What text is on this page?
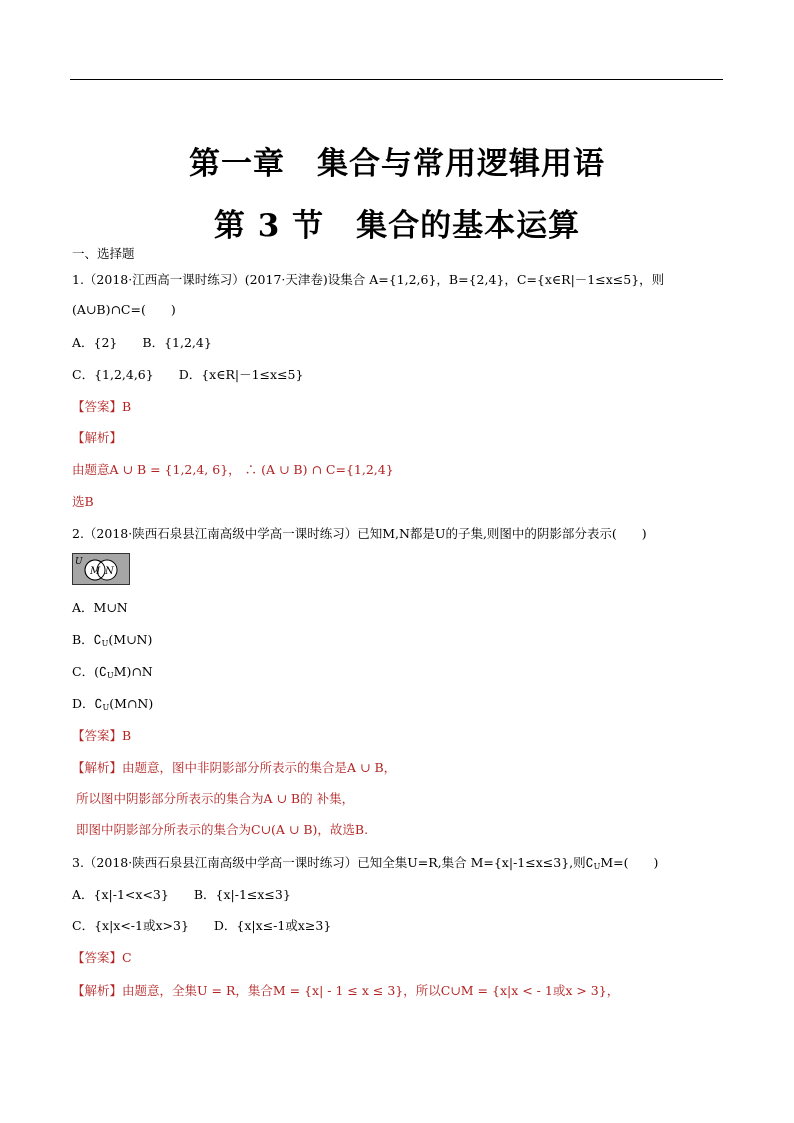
第一章　集合与常用逻辑用语
第 3 节　集合的基本运算
一、选择题
1.（2018·江西高一课时练习）(2017·天津卷)设集合 A={1,2,6}，B={2,4}，C={x∈R|－1≤x≤5}，则
(A∪B)∩C=(　　)
A．{2}　　B．{1,2,4}
C．{1,2,4,6}　　D．{x∈R|－1≤x≤5}
【答案】B
【解析】
由题意A ∪ B = {1,2,4, 6}， ∴ (A ∪ B) ∩ C={1,2,4}
选B
2.（2018·陕西石泉县江南高级中学高一课时练习）已知M,N都是U的子集,则图中的阴影部分表示(　　)
U
M N
A．M∪N
B．$∁_U(M\cup N)$
C．$(∁_UM)\cap N$
D．$∁_U(M\cap N)$
【答案】B
【解析】由题意，图中非阴影部分所表示的集合是A ∪ B，
所以图中阴影部分所表示的集合为A ∪ B的 补集，
即图中阴影部分所表示的集合为C∪(A ∪ B)，故选B.
3.（2018·陕西石泉县江南高级中学高一课时练习）已知全集U=R,集合 M={x|-1≤x≤3},则$∁_UM=$(　　)
A．{x|-1<x<3}　　B．{x|-1≤x≤3}
C．{x|x<-1或x>3}　　D．{x|x≤-1或x≥3}
【答案】C
【解析】由题意，全集U = R，集合M = {x| - 1 ≤ x ≤ 3}，所以C∪M = {x|x < - 1或x > 3}，
